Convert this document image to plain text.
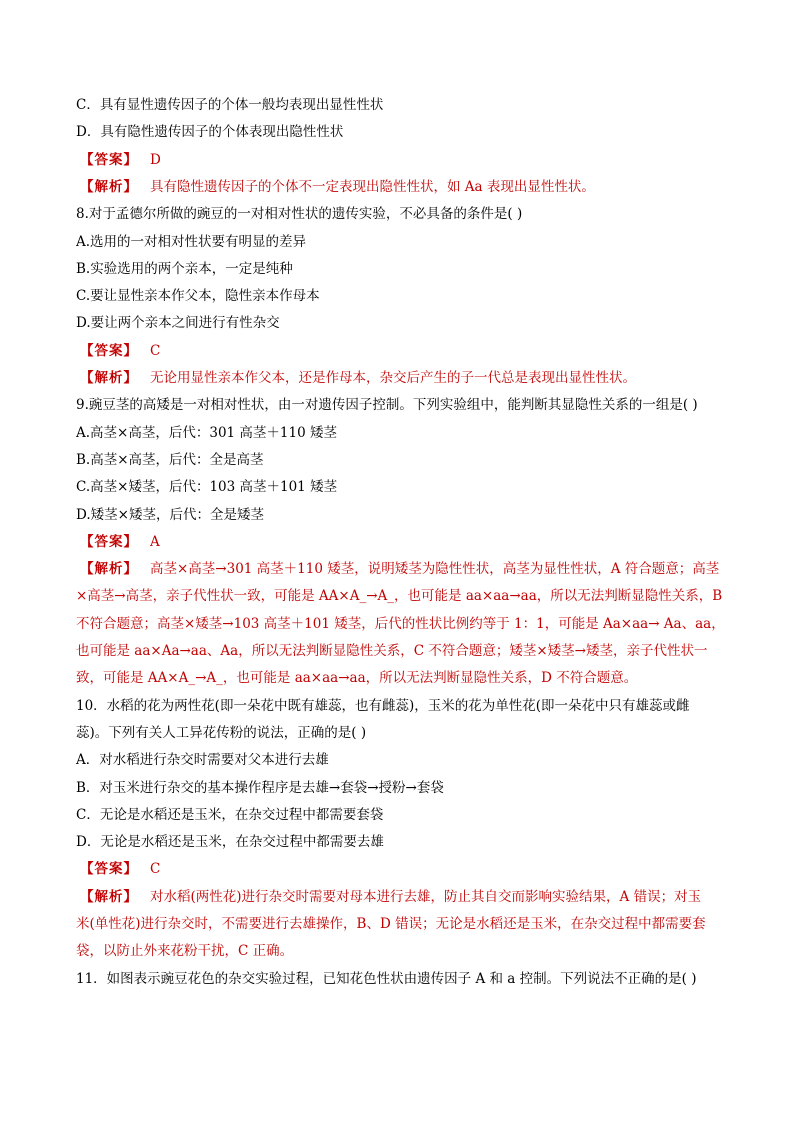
C．具有显性遗传因子的个体一般均表现出显性性状
D．具有隐性遗传因子的个体表现出隐性性状
【答案】 D
【解析】 具有隐性遗传因子的个体不一定表现出隐性性状，如 Aa 表现出显性性状。
8.对于孟德尔所做的豌豆的一对相对性状的遗传实验，不必具备的条件是( )
A.选用的一对相对性状要有明显的差异
B.实验选用的两个亲本，一定是纯种
C.要让显性亲本作父本，隐性亲本作母本
D.要让两个亲本之间进行有性杂交
【答案】 C
【解析】 无论用显性亲本作父本，还是作母本，杂交后产生的子一代总是表现出显性性状。
9.豌豆茎的高矮是一对相对性状，由一对遗传因子控制。下列实验组中，能判断其显隐性关系的一组是( )
A.高茎×高茎，后代：301 高茎＋110 矮茎
B.高茎×高茎，后代：全是高茎
C.高茎×矮茎，后代：103 高茎＋101 矮茎
D.矮茎×矮茎，后代：全是矮茎
【答案】 A
【解析】 高茎×高茎→301 高茎＋110 矮茎，说明矮茎为隐性性状，高茎为显性性状，A 符合题意；高茎
×高茎→高茎，亲子代性状一致，可能是 AA×A_→A_，也可能是 aa×aa→aa，所以无法判断显隐性关系，B
不符合题意；高茎×矮茎→103 高茎＋101 矮茎，后代的性状比例约等于 1：1，可能是 Aa×aa→ Aa、aa，
也可能是 aa×Aa→aa、Aa，所以无法判断显隐性关系，C 不符合题意；矮茎×矮茎→矮茎，亲子代性状一
致，可能是 AA×A_→A_，也可能是 aa×aa→aa，所以无法判断显隐性关系，D 不符合题意。
10．水稻的花为两性花(即一朵花中既有雄蕊，也有雌蕊)，玉米的花为单性花(即一朵花中只有雄蕊或雌
蕊)。下列有关人工异花传粉的说法，正确的是( )
A．对水稻进行杂交时需要对父本进行去雄
B．对玉米进行杂交的基本操作程序是去雄→套袋→授粉→套袋
C．无论是水稻还是玉米，在杂交过程中都需要套袋
D．无论是水稻还是玉米，在杂交过程中都需要去雄
【答案】 C
【解析】 对水稻(两性花)进行杂交时需要对母本进行去雄，防止其自交而影响实验结果，A 错误；对玉
米(单性花)进行杂交时，不需要进行去雄操作，B、D 错误；无论是水稻还是玉米，在杂交过程中都需要套
袋，以防止外来花粉干扰，C 正确。
11．如图表示豌豆花色的杂交实验过程，已知花色性状由遗传因子 A 和 a 控制。下列说法不正确的是( )
